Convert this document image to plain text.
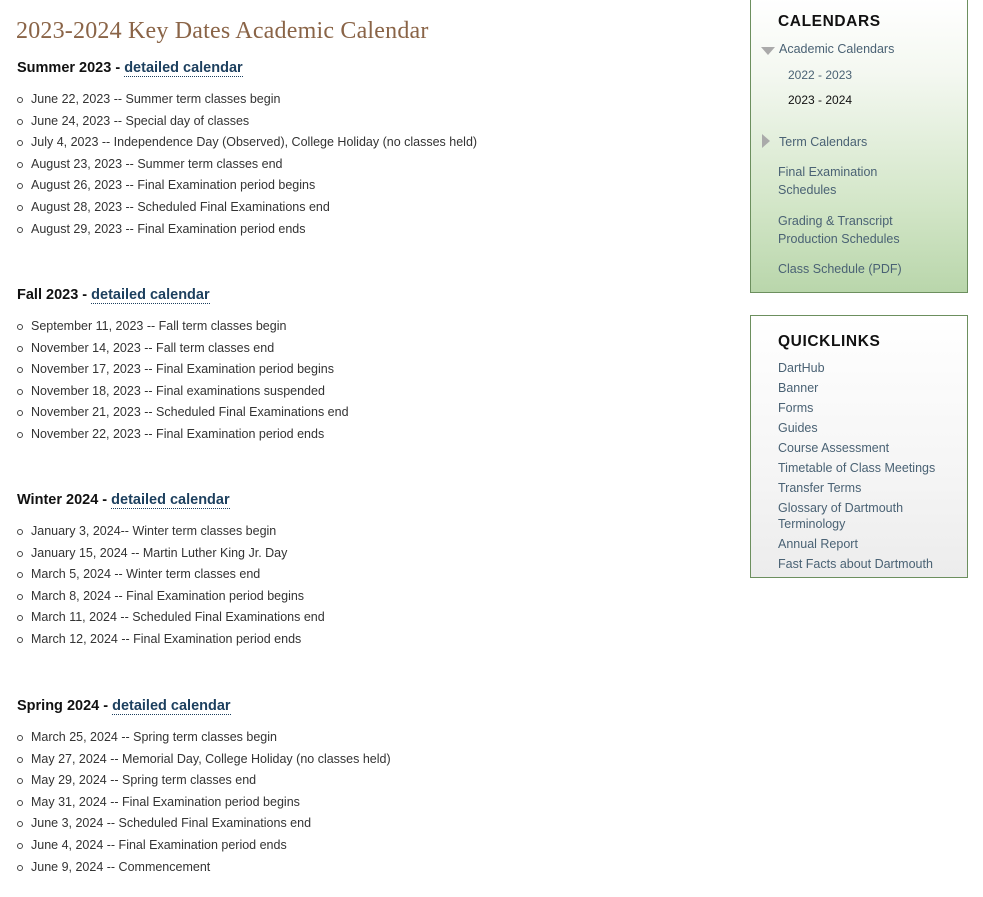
2023-2024 Key Dates Academic Calendar
Summer 2023 - detailed calendar
June 22, 2023 -- Summer term classes begin
June 24, 2023 -- Special day of classes
July 4, 2023 -- Independence Day (Observed), College Holiday (no classes held)
August 23, 2023 -- Summer term classes end
August 26, 2023 -- Final Examination period begins
August 28, 2023 -- Scheduled Final Examinations end
August 29, 2023 -- Final Examination period ends
Fall 2023 - detailed calendar
September 11, 2023 -- Fall term classes begin
November 14, 2023 -- Fall term classes end
November 17, 2023 -- Final Examination period begins
November 18, 2023 -- Final examinations suspended
November 21, 2023 -- Scheduled Final Examinations end
November 22, 2023 -- Final Examination period ends
Winter 2024 - detailed calendar
January 3, 2024-- Winter term classes begin
January 15, 2024 -- Martin Luther King Jr. Day
March 5, 2024 -- Winter term classes end
March 8, 2024 -- Final Examination period begins
March 11, 2024 -- Scheduled Final Examinations end
March 12, 2024 -- Final Examination period ends
Spring 2024 - detailed calendar
March 25, 2024 -- Spring term classes begin
May 27, 2024 -- Memorial Day, College Holiday (no classes held)
May 29, 2024 -- Spring term classes end
May 31, 2024 -- Final Examination period begins
June 3, 2024 -- Scheduled Final Examinations end
June 4, 2024 -- Final Examination period ends
June 9, 2024 -- Commencement
CALENDARS
Academic Calendars
2022 - 2023
2023 - 2024
Term Calendars
Final Examination Schedules
Grading & Transcript Production Schedules
Class Schedule (PDF)
QUICKLINKS
DartHub
Banner
Forms
Guides
Course Assessment
Timetable of Class Meetings
Transfer Terms
Glossary of Dartmouth Terminology
Annual Report
Fast Facts about Dartmouth
